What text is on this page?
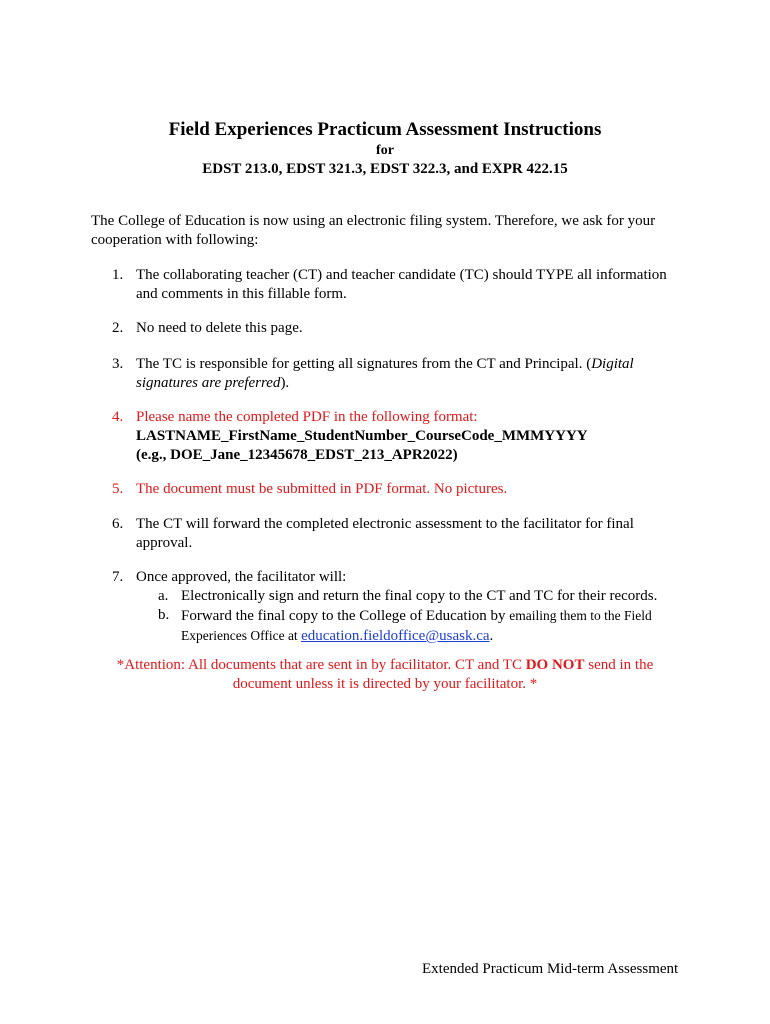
Field Experiences Practicum Assessment Instructions
for
EDST 213.0, EDST 321.3, EDST 322.3, and EXPR 422.15
The College of Education is now using an electronic filing system. Therefore, we ask for your cooperation with following:
1. The collaborating teacher (CT) and teacher candidate (TC) should TYPE all information and comments in this fillable form.
2. No need to delete this page.
3. The TC is responsible for getting all signatures from the CT and Principal. (Digital signatures are preferred).
4. Please name the completed PDF in the following format:
LASTNAME_FirstName_StudentNumber_CourseCode_MMMYYYY
(e.g., DOE_Jane_12345678_EDST_213_APR2022)
5. The document must be submitted in PDF format. No pictures.
6. The CT will forward the completed electronic assessment to the facilitator for final approval.
7. Once approved, the facilitator will:
a. Electronically sign and return the final copy to the CT and TC for their records.
b. Forward the final copy to the College of Education by emailing them to the Field Experiences Office at education.fieldoffice@usask.ca.
*Attention: All documents that are sent in by facilitator. CT and TC DO NOT send in the document unless it is directed by your facilitator. *
Extended Practicum Mid-term Assessment
